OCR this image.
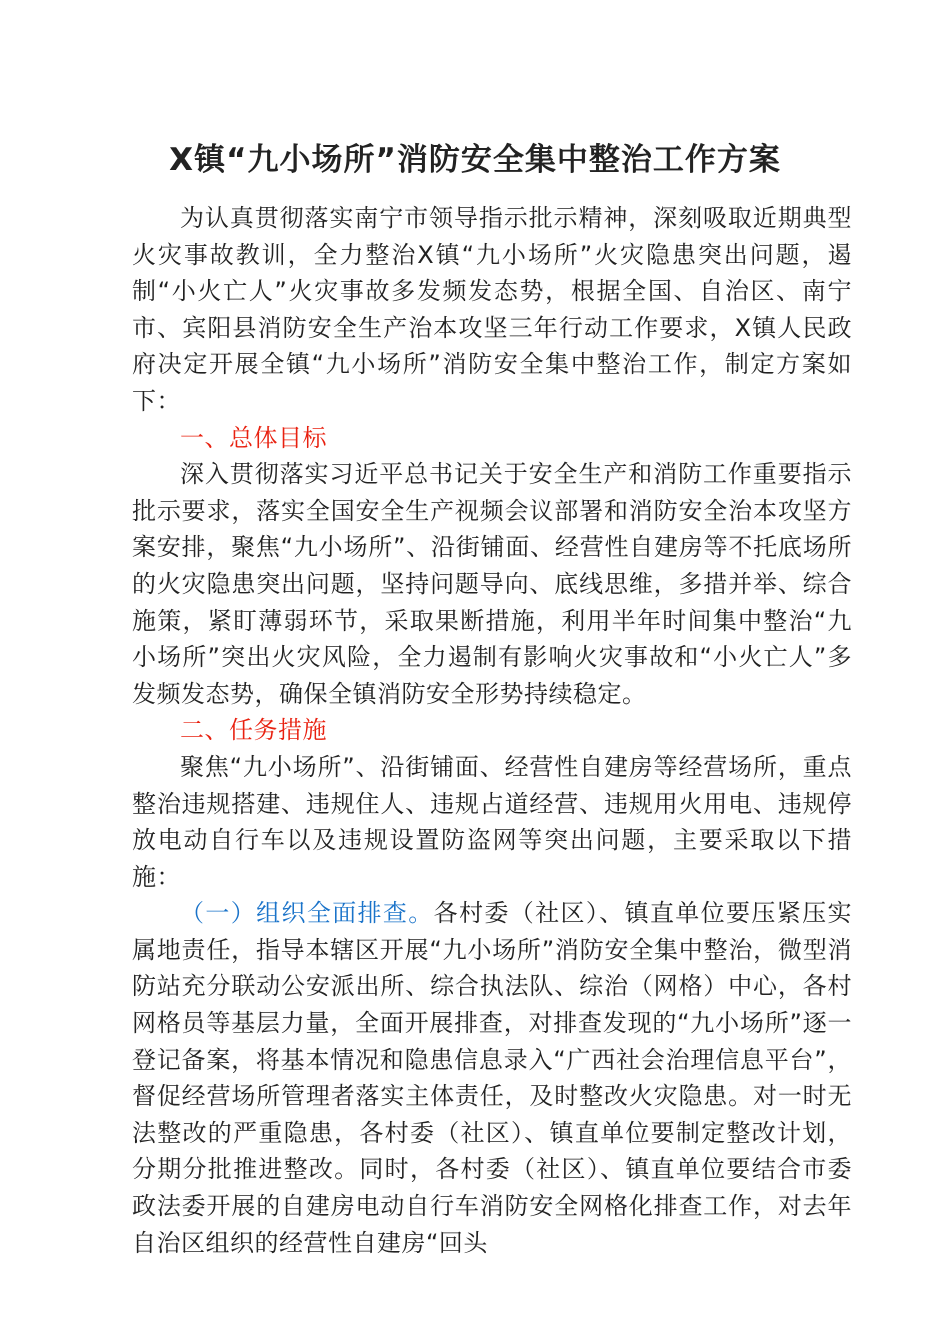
X镇“九小场所”消防安全集中整治工作方案

为认真贯彻落实南宁市领导指示批示精神，深刻吸取近期典型火灾事故教训，全力整治X镇“九小场所”火灾隐患突出问题，遏制“小火亡人”火灾事故多发频发态势，根据全国、自治区、南宁市、宾阳县消防安全生产治本攻坚三年行动工作要求，X镇人民政府决定开展全镇“九小场所”消防安全集中整治工作，制定方案如下：

一、总体目标

深入贯彻落实习近平总书记关于安全生产和消防工作重要指示批示要求，落实全国安全生产视频会议部署和消防安全治本攻坚方案安排，聚焦“九小场所”、沿街铺面、经营性自建房等不托底场所的火灾隐患突出问题，坚持问题导向、底线思维，多措并举、综合施策，紧盯薄弱环节，采取果断措施，利用半年时间集中整治“九小场所”突出火灾风险，全力遏制有影响火灾事故和“小火亡人”多发频发态势，确保全镇消防安全形势持续稳定。

二、任务措施

聚焦“九小场所”、沿街铺面、经营性自建房等经营场所，重点整治违规搭建、违规住人、违规占道经营、违规用火用电、违规停放电动自行车以及违规设置防盗网等突出问题，主要采取以下措施：

（一）组织全面排查。各村委（社区）、镇直单位要压紧压实属地责任，指导本辖区开展“九小场所”消防安全集中整治，微型消防站充分联动公安派出所、综合执法队、综治（网格）中心，各村网格员等基层力量，全面开展排查，对排查发现的“九小场所”逐一登记备案，将基本情况和隐患信息录入“广西社会治理信息平台”，督促经营场所管理者落实主体责任，及时整改火灾隐患。对一时无法整改的严重隐患，各村委（社区）、镇直单位要制定整改计划，分期分批推进整改。同时，各村委（社区）、镇直单位要结合市委政法委开展的自建房电动自行车消防安全网格化排查工作，对去年自治区组织的经营性自建房“回头
